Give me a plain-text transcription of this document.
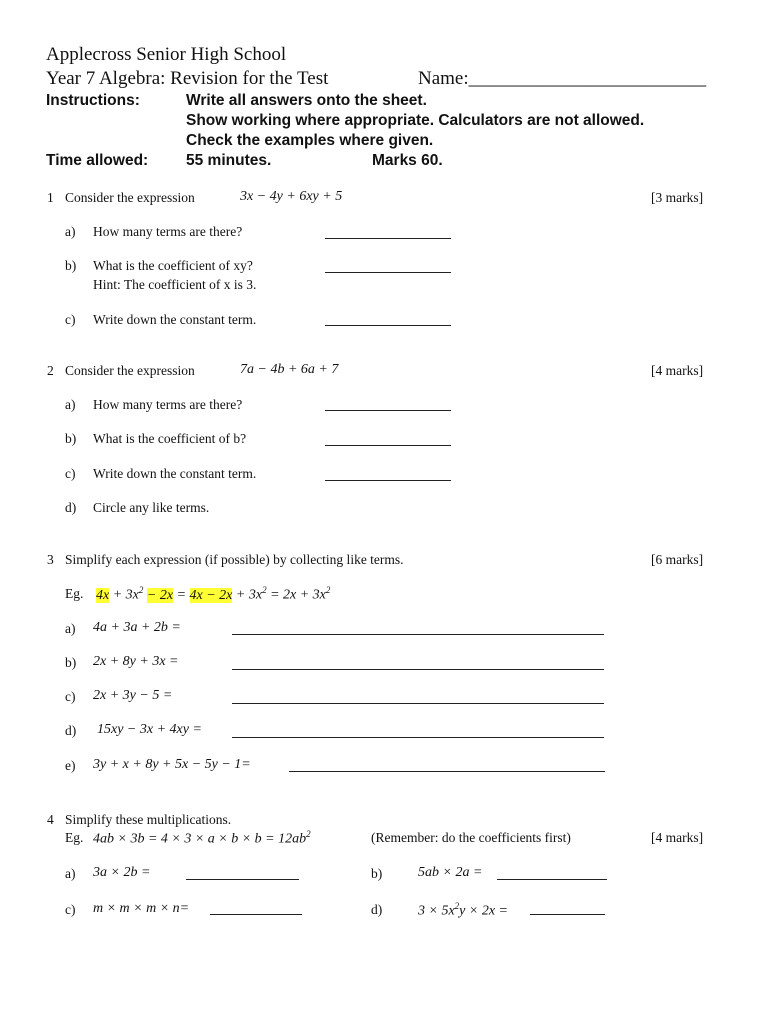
Applecross Senior High School
Year 7 Algebra: Revision for the Test	Name:_________________________
Instructions:	Write all answers onto the sheet.
Show working where appropriate. Calculators are not allowed.
Check the examples where given.
Time allowed: 55 minutes.	Marks 60.
1 Consider the expression	3x − 4y + 6xy + 5	[3 marks]
a) How many terms are there?
b) What is the coefficient of xy?
Hint: The coefficient of x is 3.
c) Write down the constant term.
2 Consider the expression	7a − 4b + 6a + 7	[4 marks]
a) How many terms are there?
b) What is the coefficient of b?
c) Write down the constant term.
d) Circle any like terms.
3 Simplify each expression (if possible) by collecting like terms.	[6 marks]
Eg. $4x + 3x^2 - 2x = 4x - 2x + 3x^2 = 2x + 3x^2$
a) 4a + 3a + 2b =
b) 2x + 8y + 3x =
c) 2x + 3y − 5 =
d) 15xy − 3x + 4xy =
e) 3y + x + 8y + 5x − 5y − 1=
4 Simplify these multiplications.
Eg. $4ab \times 3b = 4 \times 3 \times a \times b \times b = 12ab^2$	(Remember: do the coefficients first)	[4 marks]
a) 3a × 2b =	b)	5ab × 2a =
c) m × m × m × n=	d)	$3 \times 5x^2y \times 2x$ =
